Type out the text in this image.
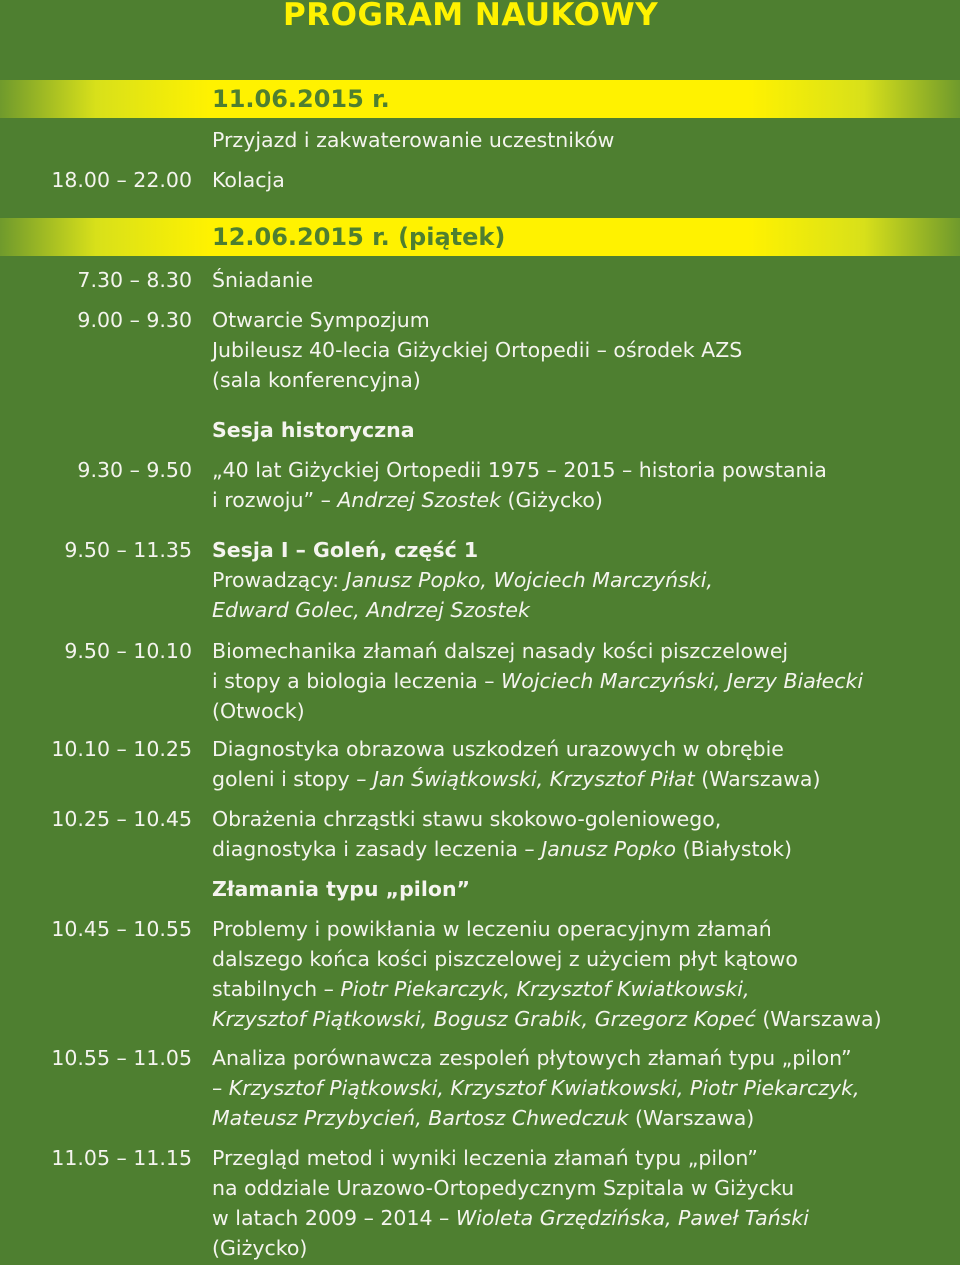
PROGRAM NAUKOWY
11.06.2015 r.
Przyjazd i zakwaterowanie uczestników
18.00 – 22.00 Kolacja
12.06.2015 r. (piątek)
7.30 – 8.30 Śniadanie
9.00 – 9.30 Otwarcie Sympozjum
Jubileusz 40-lecia Giżyckiej Ortopedii – ośrodek AZS
(sala konferencyjna)
Sesja historyczna
9.30 – 9.50 „40 lat Giżyckiej Ortopedii 1975 – 2015 – historia powstania
i rozwoju” – Andrzej Szostek (Giżycko)
9.50 – 11.35 Sesja I – Goleń, część 1
Prowadzący: Janusz Popko, Wojciech Marczyński,
Edward Golec, Andrzej Szostek
9.50 – 10.10 Biomechanika złamań dalszej nasady kości piszczelowej
i stopy a biologia leczenia – Wojciech Marczyński, Jerzy Białecki
(Otwock)
10.10 – 10.25 Diagnostyka obrazowa uszkodzeń urazowych w obrębie
goleni i stopy – Jan Świątkowski, Krzysztof Piłat (Warszawa)
10.25 – 10.45 Obrażenia chrząstki stawu skokowo-goleniowego,
diagnostyka i zasady leczenia – Janusz Popko (Białystok)
Złamania typu „pilon”
10.45 – 10.55 Problemy i powikłania w leczeniu operacyjnym złamań
dalszego końca kości piszczelowej z użyciem płyt kątowo
stabilnych – Piotr Piekarczyk, Krzysztof Kwiatkowski,
Krzysztof Piątkowski, Bogusz Grabik, Grzegorz Kopeć (Warszawa)
10.55 – 11.05 Analiza porównawcza zespoleń płytowych złamań typu „pilon”
– Krzysztof Piątkowski, Krzysztof Kwiatkowski, Piotr Piekarczyk,
Mateusz Przybycień, Bartosz Chwedczuk (Warszawa)
11.05 – 11.15 Przegląd metod i wyniki leczenia złamań typu „pilon”
na oddziale Urazowo-Ortopedycznym Szpitala w Giżycku
w latach 2009 – 2014 – Wioleta Grzędzińska, Paweł Tański
(Giżycko)
